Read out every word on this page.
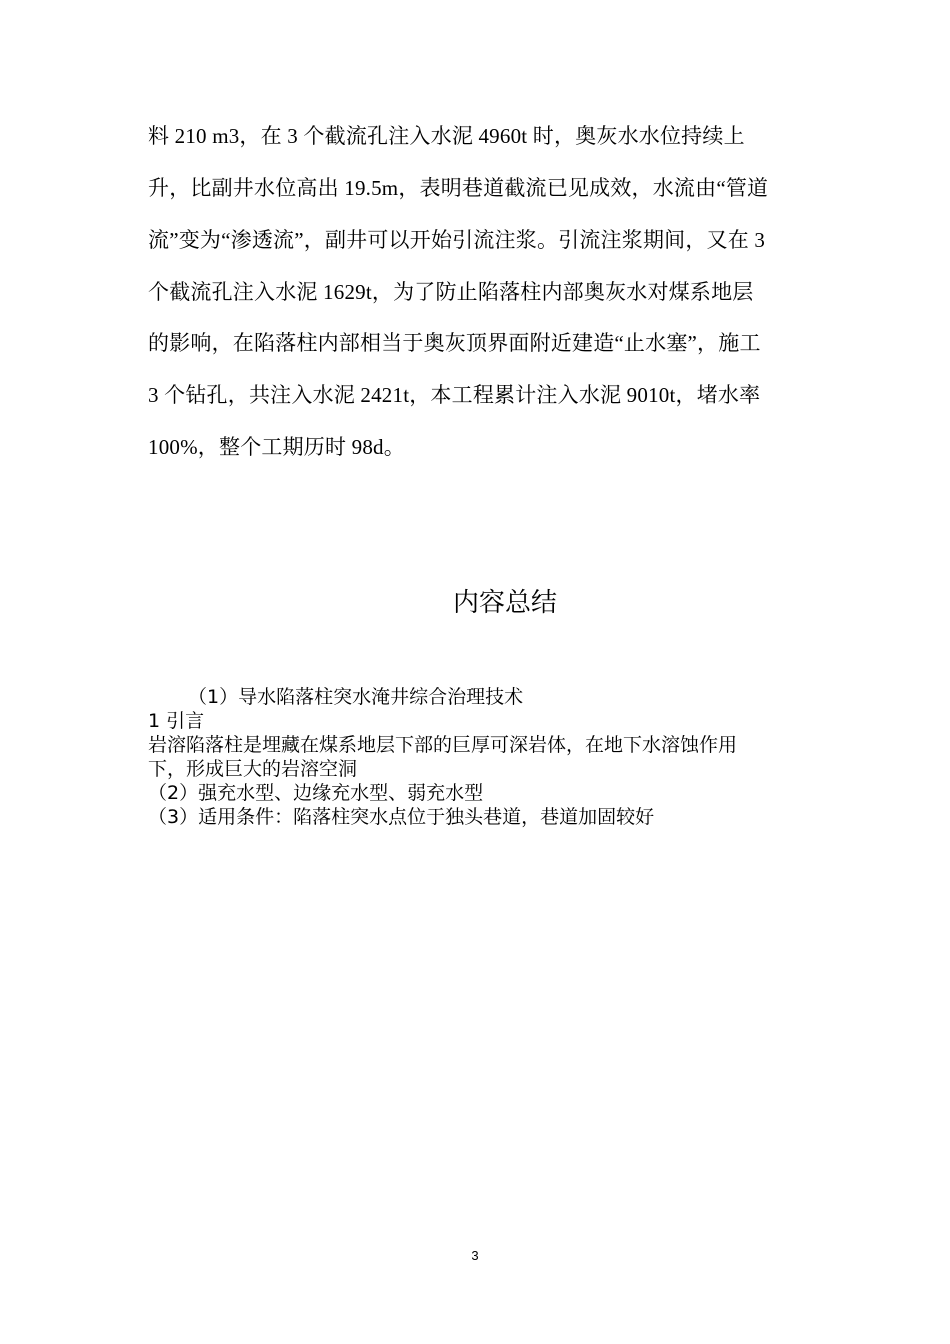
料 210 m3，在 3 个截流孔注入水泥 4960t 时，奥灰水水位持续上
升，比副井水位高出 19.5m，表明巷道截流已见成效，水流由“管道
流”变为“渗透流”，副井可以开始引流注浆。引流注浆期间，又在 3
个截流孔注入水泥 1629t，为了防止陷落柱内部奥灰水对煤系地层
的影响，在陷落柱内部相当于奥灰顶界面附近建造“止水塞”，施工
3 个钻孔，共注入水泥 2421t，本工程累计注入水泥 9010t，堵水率
100%，整个工期历时 98d。
内容总结
（1）导水陷落柱突水淹井综合治理技术
1 引言
岩溶陷落柱是埋藏在煤系地层下部的巨厚可深岩体，在地下水溶蚀作用
下，形成巨大的岩溶空洞
（2）强充水型、边缘充水型、弱充水型
（3）适用条件：陷落柱突水点位于独头巷道，巷道加固较好
3
